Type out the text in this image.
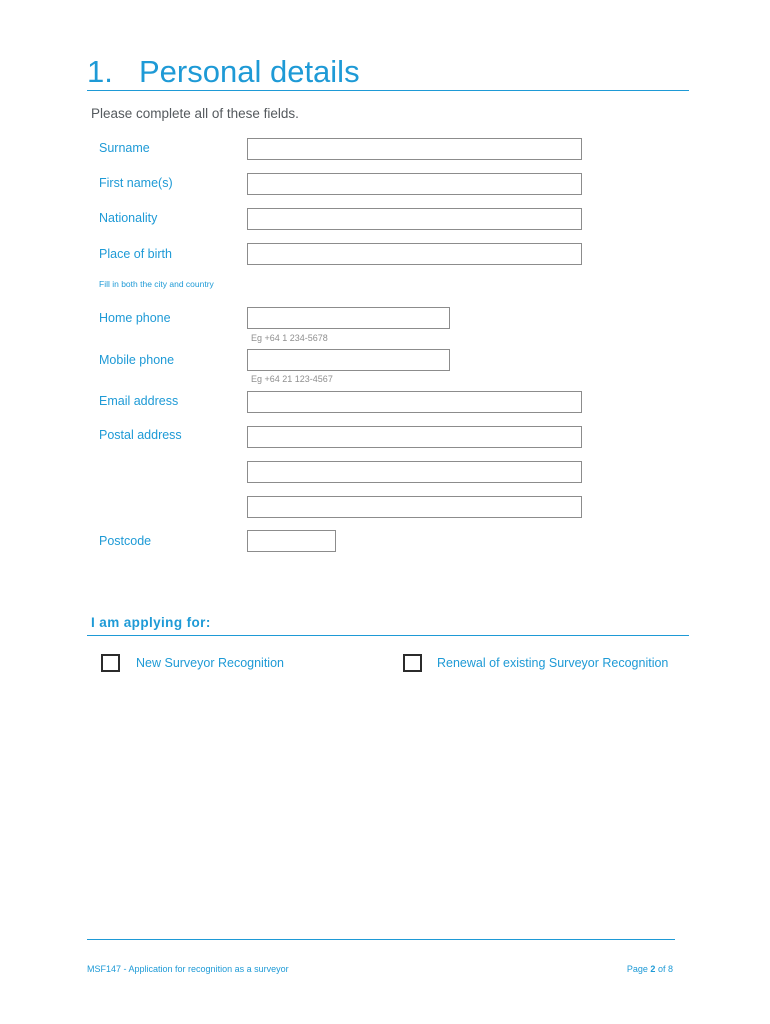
1. Personal details
Please complete all of these fields.
Surname
First name(s)
Nationality
Place of birth
Fill in both the city and country
Home phone
Eg +64 1 234-5678
Mobile phone
Eg +64 21 123-4567
Email address
Postal address
Postcode
I am applying for:
New Surveyor Recognition	Renewal of existing Surveyor Recognition
MSF147 - Application for recognition as a surveyor	Page 2 of 8
